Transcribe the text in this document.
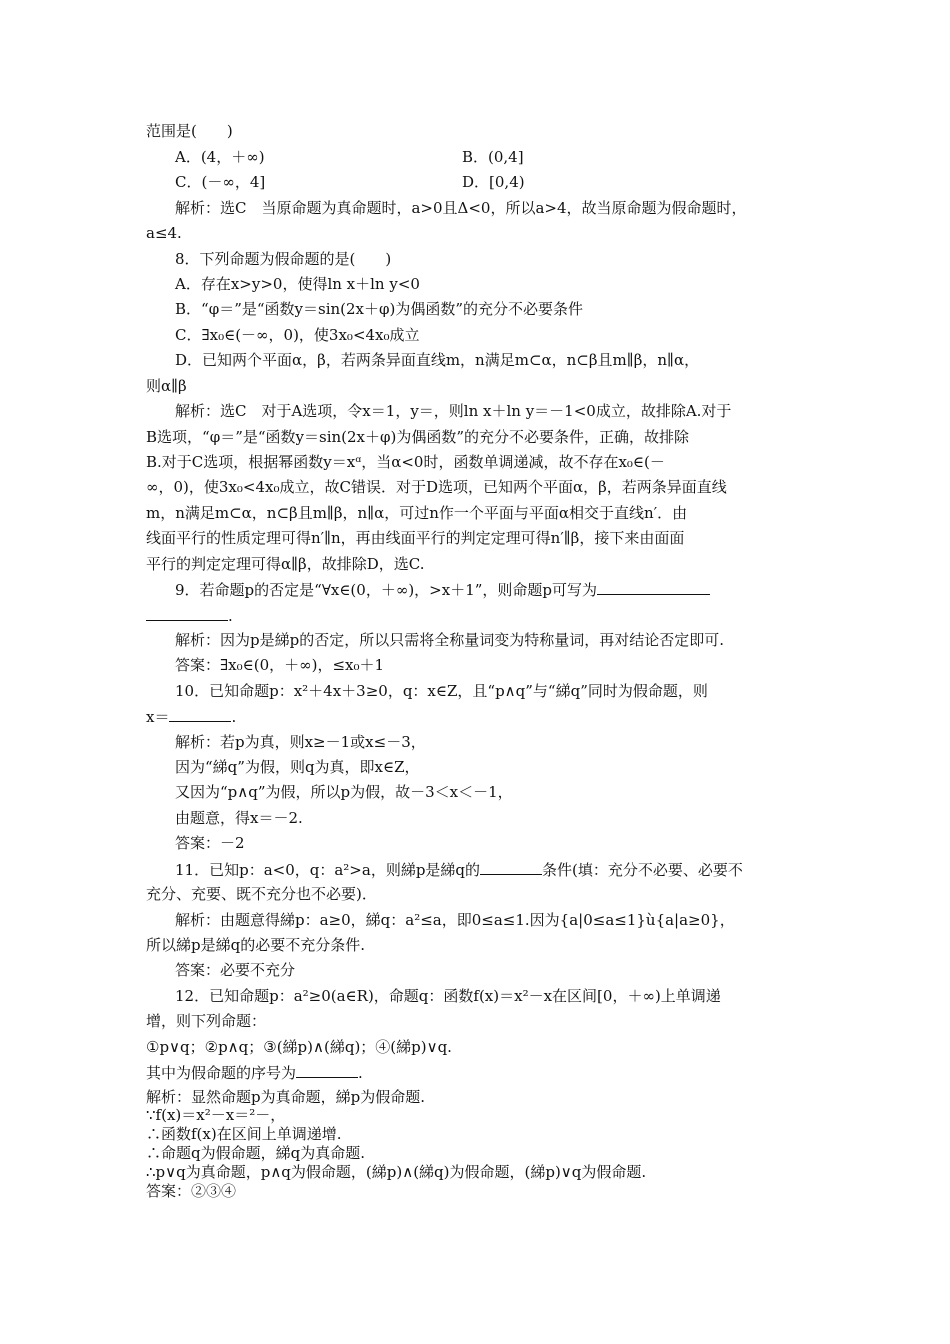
范围是(　　)
A．(4，＋∞)	B．(0,4]
C．(－∞，4]	D．[0,4)
解析：选C　当原命题为真命题时，a>0且Δ<0，所以a>4，故当原命题为假命题时，
a≤4.
8．下列命题为假命题的是(　　)
A．存在x>y>0，使得ln x＋ln y<0
B．“φ＝”是“函数y＝sin(2x＋φ)为偶函数”的充分不必要条件
C．∃x₀∈(－∞，0)，使3x₀<4x₀成立
D．已知两个平面α，β，若两条异面直线m，n满足m⊂α，n⊂β且m∥β，n∥α，
则α∥β
解析：选C　对于A选项，令x＝1，y＝，则ln x＋ln y＝－1<0成立，故排除A.对于
B选项，“φ＝”是“函数y＝sin(2x＋φ)为偶函数”的充分不必要条件，正确，故排除
B.对于C选项，根据幂函数y＝xᵅ，当α<0时，函数单调递减，故不存在x₀∈(－
∞，0)，使3x₀<4x₀成立，故C错误．对于D选项，已知两个平面α，β，若两条异面直线
m，n满足m⊂α，n⊂β且m∥β，n∥α，可过n作一个平面与平面α相交于直线n′．由
线面平行的性质定理可得n′∥n，再由线面平行的判定定理可得n′∥β，接下来由面面
平行的判定定理可得α∥β，故排除D，选C.
9．若命题p的否定是“∀x∈(0，＋∞)，>x＋1”，则命题p可写为
.
解析：因为p是綈p的否定，所以只需将全称量词变为特称量词，再对结论否定即可.
答案：∃x₀∈(0，＋∞)，≤x₀＋1
10．已知命题p：x²＋4x＋3≥0，q：x∈Z，且“p∧q”与“綈q”同时为假命题，则
x＝	.
解析：若p为真，则x≥－1或x≤－3，
因为“綈q”为假，则q为真，即x∈Z，
又因为“p∧q”为假，所以p为假，故－3＜x＜－1，
由题意，得x＝－2.
答案：－2
11．已知p：a<0，q：a²>a，则綈p是綈q的	条件(填：充分不必要、必要不
充分、充要、既不充分也不必要)．
解析：由题意得綈p：a≥0，綈q：a²≤a，即0≤a≤1.因为{a|0≤a≤1}ù{a|a≥0}，
所以綈p是綈q的必要不充分条件.
答案：必要不充分
12．已知命题p：a²≥0(a∈R)，命题q：函数f(x)＝x²－x在区间[0，＋∞)上单调递
增，则下列命题：
①p∨q；②p∧q；③(綈p)∧(綈q)；④(綈p)∨q.
其中为假命题的序号为	.
解析：显然命题p为真命题，綈p为假命题.
∵f(x)＝x²－x＝²－，
∴函数f(x)在区间上单调递增.
∴命题q为假命题，綈q为真命题.
∴p∨q为真命题，p∧q为假命题，(綈p)∧(綈q)为假命题，(綈p)∨q为假命题.
答案：②③④
